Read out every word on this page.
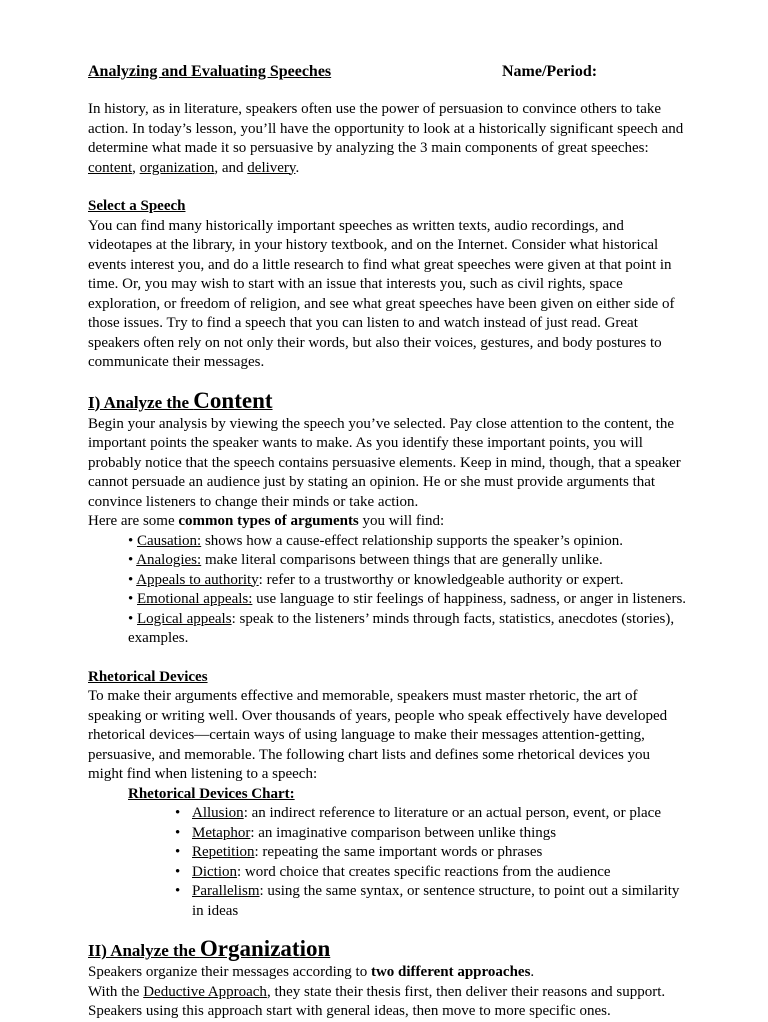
Analyzing and Evaluating Speeches	Name/Period:

In history, as in literature, speakers often use the power of persuasion to convince others to take action. In today’s lesson, you’ll have the opportunity to look at a historically significant speech and determine what made it so persuasive by analyzing the 3 main components of great speeches: content, organization, and delivery.

Select a Speech

You can find many historically important speeches as written texts, audio recordings, and videotapes at the library, in your history textbook, and on the Internet. Consider what historical events interest you, and do a little research to find what great speeches were given at that point in time. Or, you may wish to start with an issue that interests you, such as civil rights, space exploration, or freedom of religion, and see what great speeches have been given on either side of those issues. Try to find a speech that you can listen to and watch instead of just read. Great speakers often rely on not only their words, but also their voices, gestures, and body postures to communicate their messages.

I) Analyze the Content

Begin your analysis by viewing the speech you’ve selected. Pay close attention to the content, the important points the speaker wants to make. As you identify these important points, you will probably notice that the speech contains persuasive elements. Keep in mind, though, that a speaker cannot persuade an audience just by stating an opinion. He or she must provide arguments that convince listeners to change their minds or take action.

Here are some common types of arguments you will find:

• Causation: shows how a cause-effect relationship supports the speaker’s opinion.

• Analogies: make literal comparisons between things that are generally unlike.

• Appeals to authority: refer to a trustworthy or knowledgeable authority or expert.

• Emotional appeals: use language to stir feelings of happiness, sadness, or anger in listeners.

• Logical appeals: speak to the listeners’ minds through facts, statistics, anecdotes (stories), examples.

Rhetorical Devices

To make their arguments effective and memorable, speakers must master rhetoric, the art of speaking or writing well. Over thousands of years, people who speak effectively have developed rhetorical devices—certain ways of using language to make their messages attention-getting, persuasive, and memorable. The following chart lists and defines some rhetorical devices you might find when listening to a speech:

Rhetorical Devices Chart:

• Allusion: an indirect reference to literature or an actual person, event, or place
• Metaphor: an imaginative comparison between unlike things
• Repetition: repeating the same important words or phrases
• Diction: word choice that creates specific reactions from the audience
• Parallelism: using the same syntax, or sentence structure, to point out a similarity in ideas

II) Analyze the Organization

Speakers organize their messages according to two different approaches.

With the Deductive Approach, they state their thesis first, then deliver their reasons and support. Speakers using this approach start with general ideas, then move to more specific ones.
